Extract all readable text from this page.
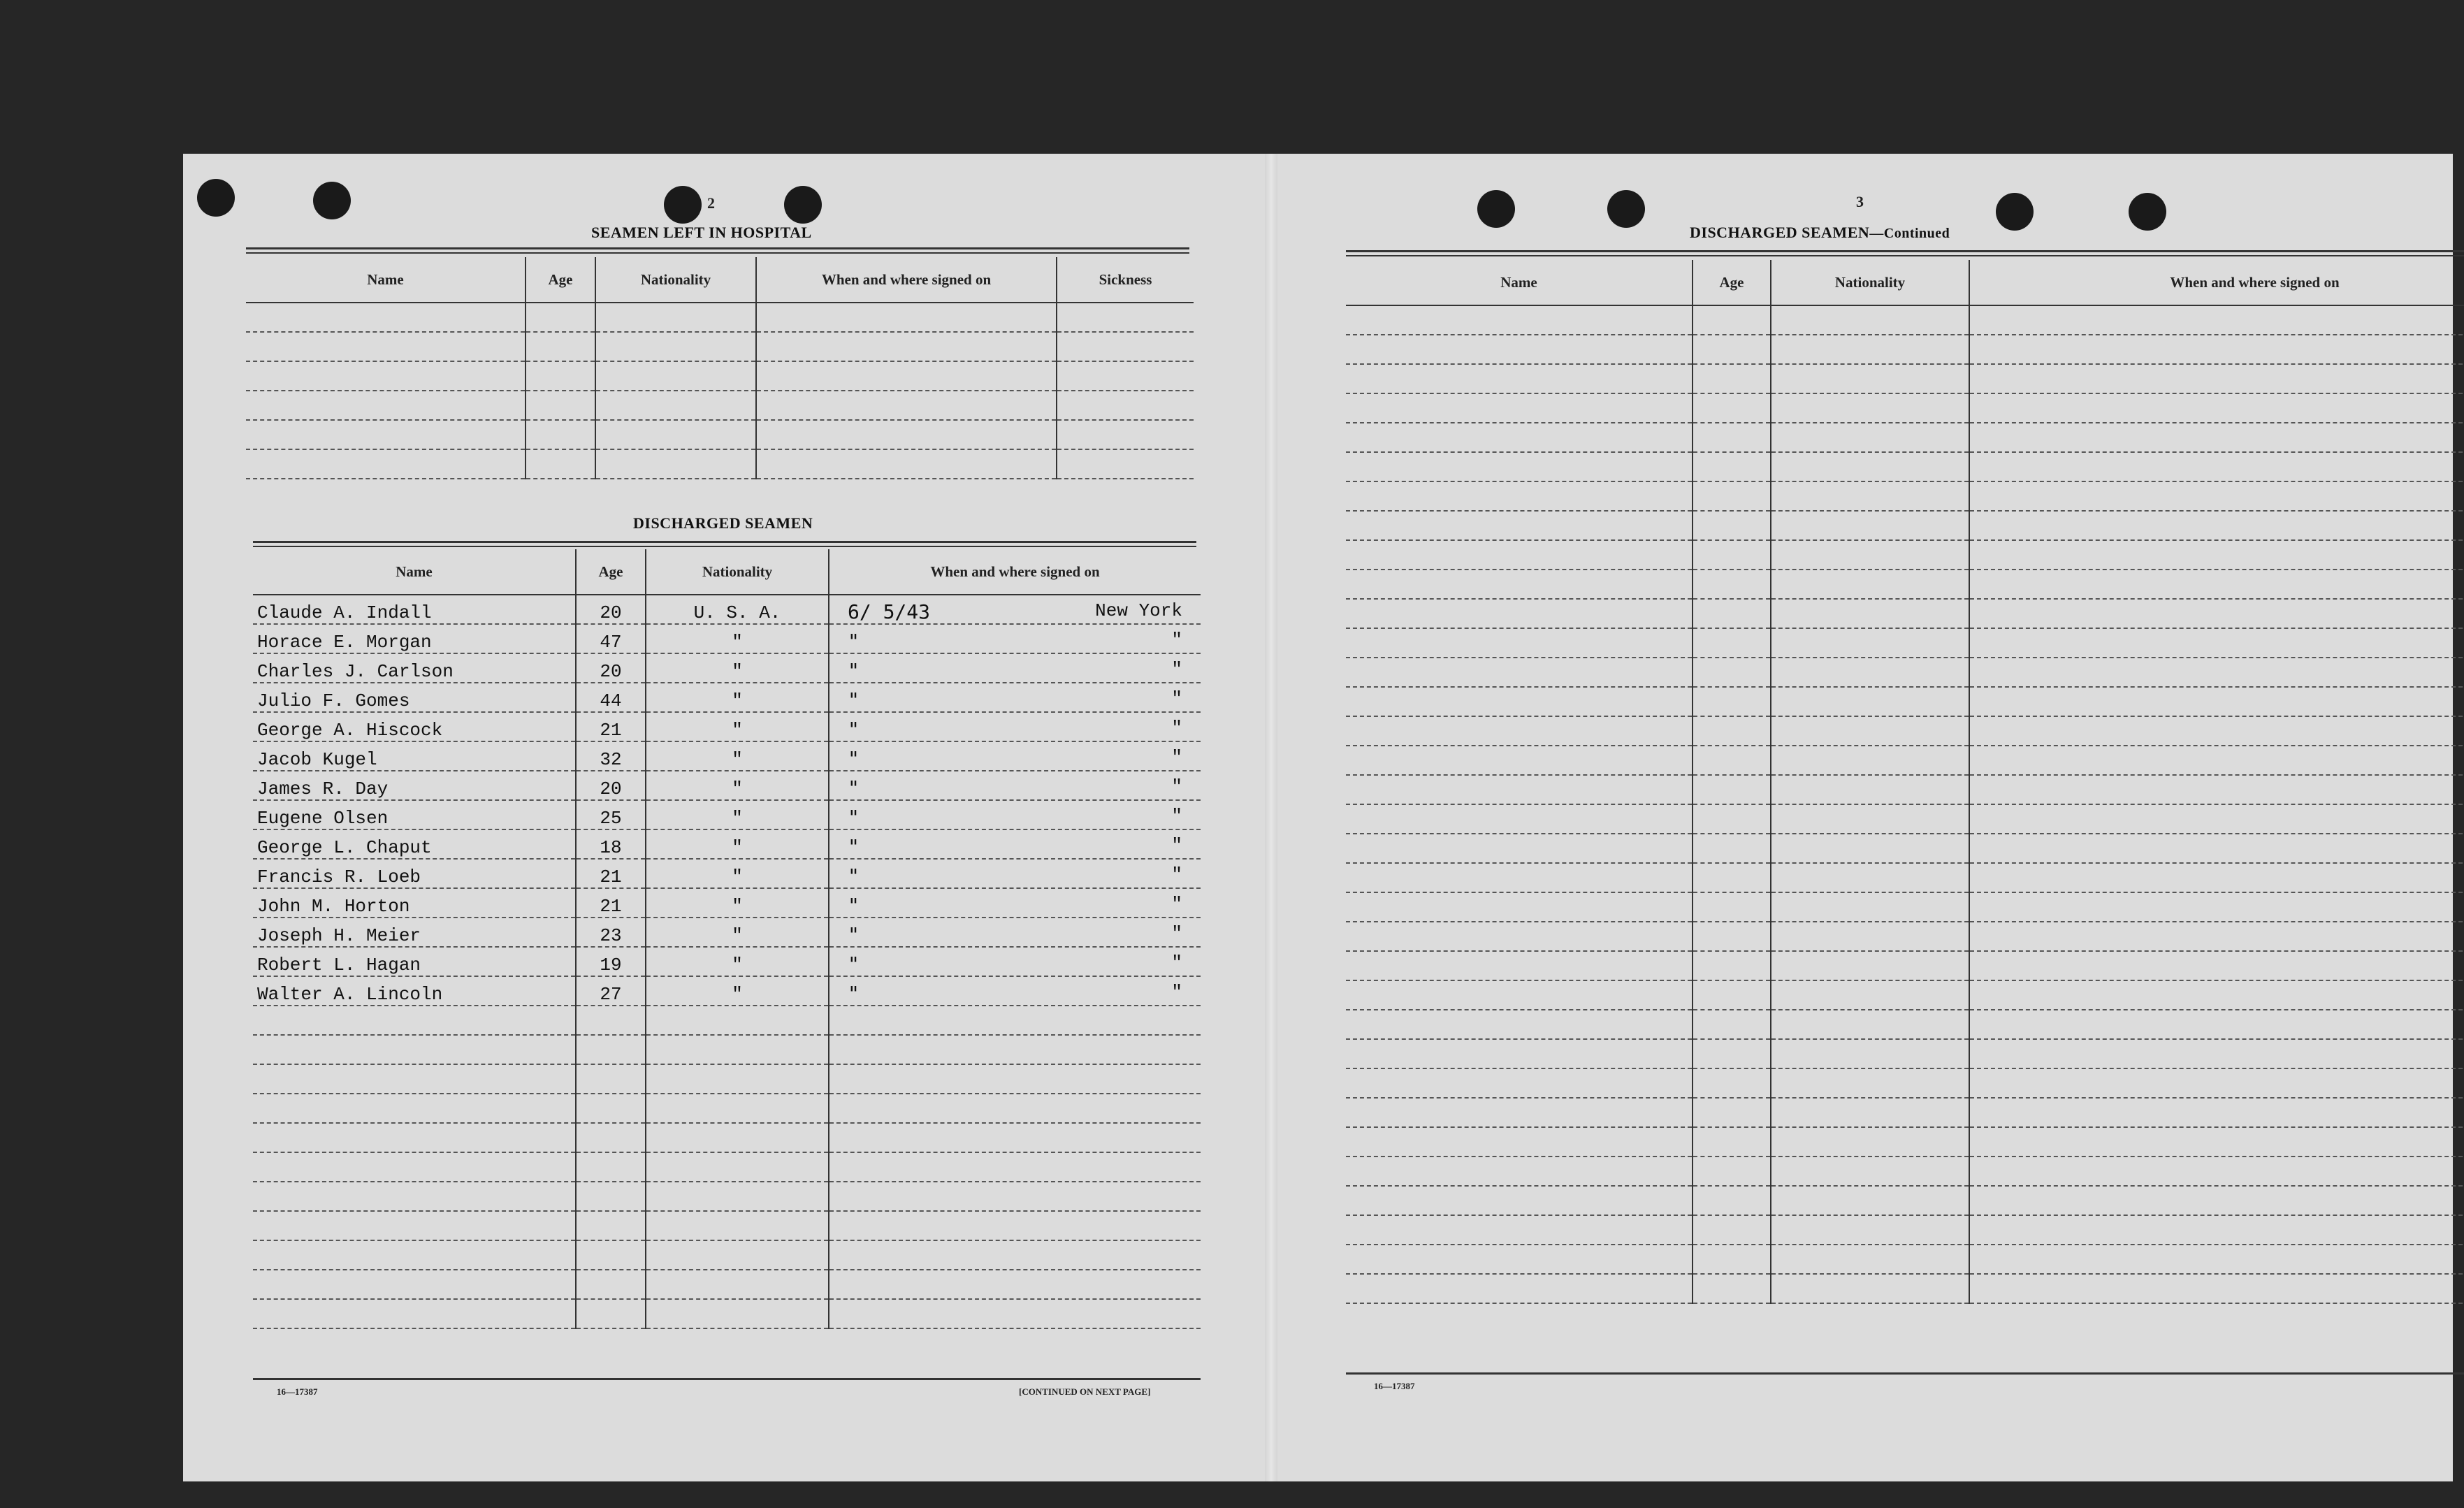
2
SEAMEN LEFT IN HOSPITAL
Name	Age	Nationality	When and where signed on	Sickness

DISCHARGED SEAMEN
Name	Age	Nationality	When and where signed on
Claude A. Indall	20	U. S. A.	6/ 5/43 New York

Horace E. Morgan	47	"	" "

Charles J. Carlson	20	"	" "

Julio F. Gomes	44	"	" "

George A. Hiscock	21	"	" "

Jacob Kugel	32	"	" "

James R. Day	20	"	" "

Eugene Olsen	25	"	" "

George L. Chaput	18	"	" "

Francis R. Loeb	21	"	" "

John M. Horton	21	"	" "

Joseph H. Meier	23	"	" "

Robert L. Hagan	19	"	" "

Walter A. Lincoln	27	"	" "

16—17387	[CONTINUED ON NEXT PAGE]
3
DISCHARGED SEAMEN—Continued
Name	Age	Nationality	When and where signed on

16—17387
